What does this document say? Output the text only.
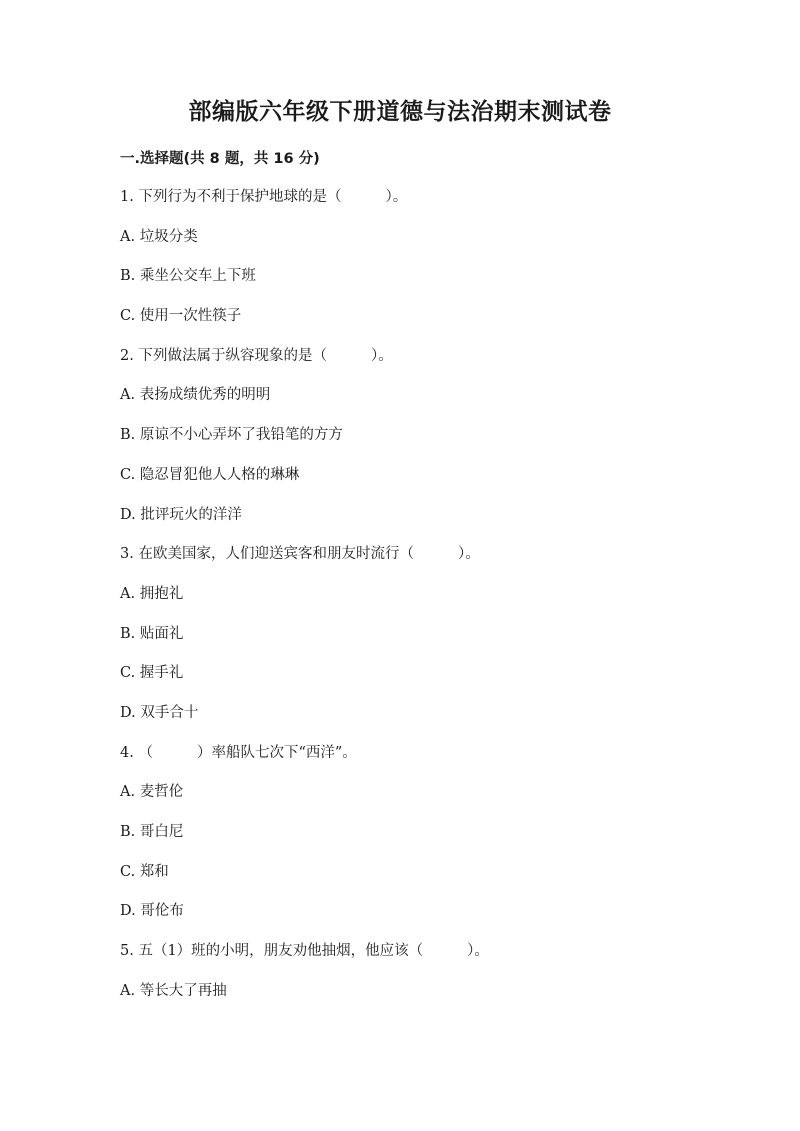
部编版六年级下册道德与法治期末测试卷
一.选择题(共 8 题，共 16 分)
1. 下列行为不利于保护地球的是（	）。
A. 垃圾分类
B. 乘坐公交车上下班
C. 使用一次性筷子
2. 下列做法属于纵容现象的是（	）。
A. 表扬成绩优秀的明明
B. 原谅不小心弄坏了我铅笔的方方
C. 隐忍冒犯他人人格的琳琳
D. 批评玩火的洋洋
3. 在欧美国家，人们迎送宾客和朋友时流行（	）。
A. 拥抱礼
B. 贴面礼
C. 握手礼
D. 双手合十
4. （	）率船队七次下“西洋”。
A. 麦哲伦
B. 哥白尼
C. 郑和
D. 哥伦布
5. 五（1）班的小明，朋友劝他抽烟，他应该（	）。
A. 等长大了再抽
